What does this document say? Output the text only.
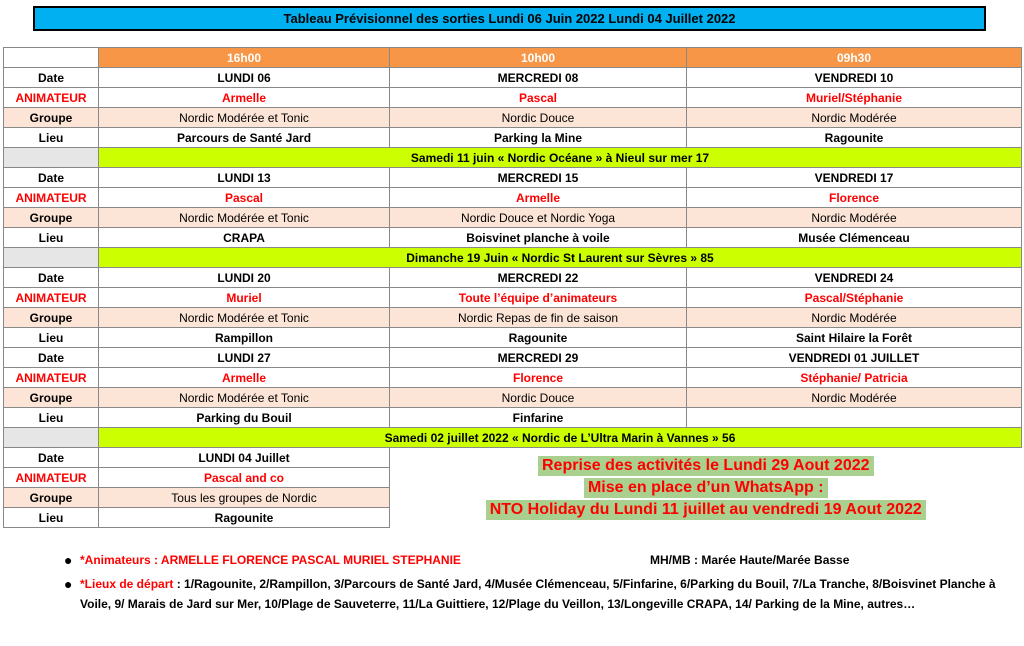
Tableau Prévisionnel des sorties Lundi 06 Juin 2022 Lundi 04 Juillet 2022
	16h00	10h00	09h30
Date	LUNDI 06	MERCREDI 08	VENDREDI 10
ANIMATEUR	Armelle	Pascal	Muriel/Stéphanie
Groupe	Nordic Modérée et Tonic	Nordic Douce	Nordic Modérée
Lieu	Parcours de Santé Jard	Parking la Mine	Ragounite
	Samedi 11 juin « Nordic Océane » à Nieul sur mer 17		
Date	LUNDI 13	MERCREDI 15	VENDREDI 17
ANIMATEUR	Pascal	Armelle	Florence
Groupe	Nordic Modérée et Tonic	Nordic Douce et Nordic Yoga	Nordic Modérée
Lieu	CRAPA	Boisvinet planche à voile	Musée Clémenceau
	Dimanche 19 Juin « Nordic St Laurent sur Sèvres » 85		
Date	LUNDI 20	MERCREDI 22	VENDREDI 24
ANIMATEUR	Muriel	Toute l’équipe d’animateurs	Pascal/Stéphanie
Groupe	Nordic Modérée et Tonic	Nordic Repas de fin de saison	Nordic Modérée
Lieu	Rampillon	Ragounite	Saint Hilaire la Forêt
Date	LUNDI 27	MERCREDI 29	VENDREDI 01 JUILLET
ANIMATEUR	Armelle	Florence	Stéphanie/ Patricia
Groupe	Nordic Modérée et Tonic	Nordic Douce	Nordic Modérée
Lieu	Parking du Bouil	Finfarine	
	Samedi 02 juillet 2022 « Nordic de L’Ultra Marin à Vannes » 56		
Date	LUNDI 04 Juillet	Reprise des activités le Lundi 29 Aout 2022
Mise en place d’un WhatsApp :
NTO Holiday du Lundi 11 juillet au vendredi 19 Aout 2022	

ANIMATEUR	Pascal and co		
Groupe	Tous les groupes de Nordic		
Lieu	Ragounite		
● *Animateurs : ARMELLE FLORENCE PASCAL MURIEL STEPHANIE	MH/MB : Marée Haute/Marée Basse
● *Lieux de départ : 1/Ragounite, 2/Rampillon, 3/Parcours de Santé Jard, 4/Musée Clémenceau, 5/Finfarine, 6/Parking du Bouil, 7/La Tranche, 8/Boisvinet Planche à Voile, 9/ Marais de Jard sur Mer, 10/Plage de Sauveterre, 11/La Guittiere, 12/Plage du Veillon, 13/Longeville CRAPA, 14/ Parking de la Mine, autres…
